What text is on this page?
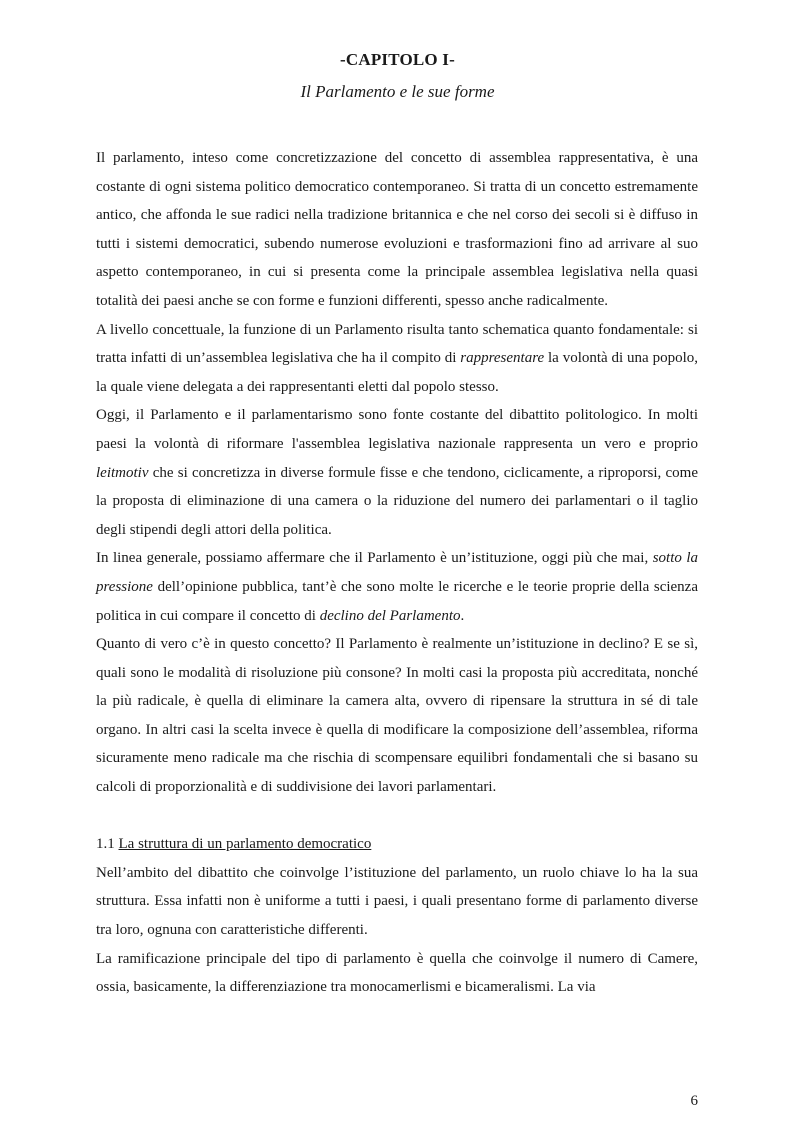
-CAPITOLO I-
Il Parlamento e le sue forme

Il parlamento, inteso come concretizzazione del concetto di assemblea rappresentativa, è una costante di ogni sistema politico democratico contemporaneo. Si tratta di un concetto estremamente antico, che affonda le sue radici nella tradizione britannica e che nel corso dei secoli si è diffuso in tutti i sistemi democratici, subendo numerose evoluzioni e trasformazioni fino ad arrivare al suo aspetto contemporaneo, in cui si presenta come la principale assemblea legislativa nella quasi totalità dei paesi anche se con forme e funzioni differenti, spesso anche radicalmente.

A livello concettuale, la funzione di un Parlamento risulta tanto schematica quanto fondamentale: si tratta infatti di un’assemblea legislativa che ha il compito di rappresentare la volontà di una popolo, la quale viene delegata a dei rappresentanti eletti dal popolo stesso.

Oggi, il Parlamento e il parlamentarismo sono fonte costante del dibattito politologico. In molti paesi la volontà di riformare l'assemblea legislativa nazionale rappresenta un vero e proprio leitmotiv che si concretizza in diverse formule fisse e che tendono, ciclicamente, a riproporsi, come la proposta di eliminazione di una camera o la riduzione del numero dei parlamentari o il taglio degli stipendi degli attori della politica.

In linea generale, possiamo affermare che il Parlamento è un’istituzione, oggi più che mai, sotto la pressione dell’opinione pubblica, tant’è che sono molte le ricerche e le teorie proprie della scienza politica in cui compare il concetto di declino del Parlamento.

Quanto di vero c’è in questo concetto? Il Parlamento è realmente un’istituzione in declino? E se sì, quali sono le modalità di risoluzione più consone? In molti casi la proposta più accreditata, nonché la più radicale, è quella di eliminare la camera alta, ovvero di ripensare la struttura in sé di tale organo. In altri casi la scelta invece è quella di modificare la composizione dell’assemblea, riforma sicuramente meno radicale ma che rischia di scompensare equilibri fondamentali che si basano su calcoli di proporzionalità e di suddivisione dei lavori parlamentari.

1.1 La struttura di un parlamento democratico

Nell’ambito del dibattito che coinvolge l’istituzione del parlamento, un ruolo chiave lo ha la sua struttura. Essa infatti non è uniforme a tutti i paesi, i quali presentano forme di parlamento diverse tra loro, ognuna con caratteristiche differenti.

La ramificazione principale del tipo di parlamento è quella che coinvolge il numero di Camere, ossia, basicamente, la differenziazione tra monocamerlismi e bicameralismi. La via

6
